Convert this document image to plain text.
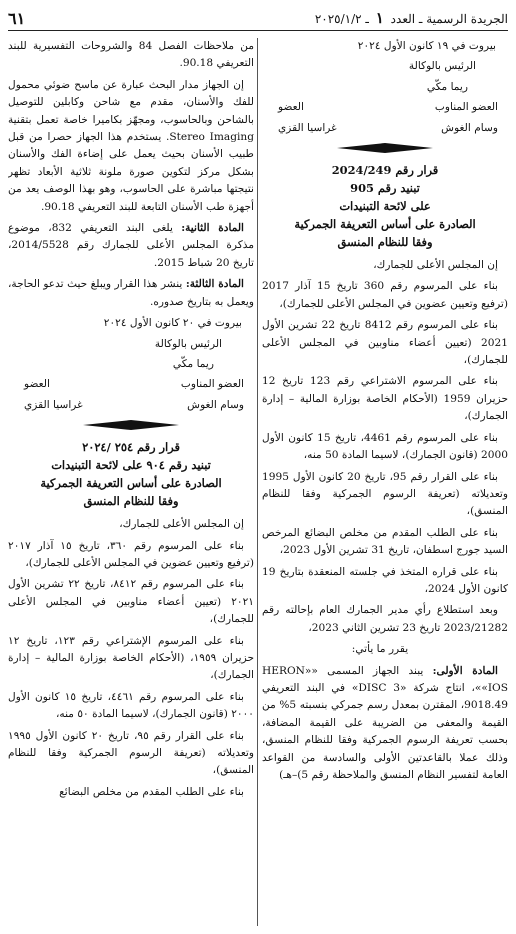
الجريدة الرسمية ـ العدد ١ ـ ٢٠٢٥/١/٢
٦١
بيروت في ١٩ كانون الأول ٢٠٢٤
الرئيس بالوكالة
ريما مكّي
العضو المناوب
العضو
وسام الغوش
غراسيا القزي
قرار رقم 2024/249
تبنيد رقم 905
على لائحة التبنيدات
الصادرة على أساس التعريفة الجمركية
وفقا للنظام المنسق

إن المجلس الأعلى للجمارك،

بناء على المرسوم رقم 360 تاريخ 15 آذار 2017 (ترفيع وتعيين عضوين في المجلس الأعلى للجمارك)،

بناء على المرسوم رقم 8412 تاريخ 22 تشرين الأول 2021 (تعيين أعضاء مناوبين في المجلس الأعلى للجمارك)،

بناء على المرسوم الاشتراعي رقم 123 تاريخ 12 حزيران 1959 (الأحكام الخاصة بوزارة المالية – إدارة الجمارك)،

بناء على المرسوم رقم 4461، تاريخ 15 كانون الأول 2000 (قانون الجمارك)، لاسيما المادة 50 منه،

بناء على القرار رقم 95، تاريخ 20 كانون الأول 1995 وتعديلاته (تعريفة الرسوم الجمركية وفقا للنظام المنسق)،

بناء على الطلب المقدم من مخلص البضائع المرخص السيد جورج اسطفان، تاريخ 31 تشرين الأول 2023،

بناء على قراره المتخذ في جلسته المنعقدة بتاريخ 19 كانون الأول 2024،

وبعد استطلاع رأي مدير الجمارك العام بإحالته رقم 2023/21282 تاريخ 23 تشرين الثاني 2023،

يقرر ما يأتي:

المادة الأولى: يبند الجهاز المسمى «HERON» «IOS»، انتاج شركة «DISC 3» في البند التعريفي 9018.49، المقترن بمعدل رسم جمركي بنسبته 5% من القيمة والمعفى من الضريبة على القيمة المضافة، بحسب تعريفة الرسوم الجمركية وفقا للنظام المنسق، وذلك عملا بالقاعدتين الأولى والسادسة من القواعد العامة لتفسير النظام المنسق والملاحظة رقم 5)–هـ)

من ملاحظات الفصل 84 والشروحات التفسيرية للبند التعريفي 90.18.

إن الجهاز مدار البحث عبارة عن ماسح ضوئي محمول للفك والأسنان، مقدم مع شاحن وكابلين للتوصيل بالشاحن وبالحاسوب، ومجهّز بكاميرا خاصة تعمل بتقنية Stereo Imaging. يستخدم هذا الجهاز حصرا من قبل طبيب الأسنان بحيث يعمل على إضاءة الفك والأسنان بشكل مركز لتكوين صورة ملونة ثلاثية الأبعاد تظهر نتيجتها مباشرة على الحاسوب، وهو بهذا الوصف يعد من أجهزة طب الأسنان التابعة للبند التعريفي 90.18.

المادة الثانية: يلغى البند التعريفي 832، موضوع مذكرة المجلس الأعلى للجمارك رقم 2014/5528، تاريخ 20 شباط 2015.

المادة الثالثة: ينشر هذا القرار ويبلغ حيث تدعو الحاجة، ويعمل به بتاريخ صدوره.

بيروت في ٢٠ كانون الأول ٢٠٢٤
الرئيس بالوكالة
ريما مكّي
العضو المناوب
العضو
وسام الغوش
غراسيا القزي
قرار رقم ٢٥٤ /٢٠٢٤
تبنيد رقم ٩٠٤ على لائحة التبنيدات
الصادرة على أساس التعريفة الجمركية
وفقا للنظام المنسق

إن المجلس الأعلى للجمارك،

بناء على المرسوم رقم ٣٦٠، تاريخ ١٥ آذار ٢٠١٧ (ترفيع وتعيين عضوين في المجلس الأعلى للجمارك)،

بناء على المرسوم رقم ٨٤١٢، تاريخ ٢٢ تشرين الأول ٢٠٢١ (تعيين أعضاء مناوبين في المجلس الأعلى للجمارك)،

بناء على المرسوم الإشتراعي رقم ١٢٣، تاريخ ١٢ حزيران ١٩٥٩، (الأحكام الخاصة بوزارة المالية – إدارة الجمارك)،

بناء على المرسوم رقم ٤٤٦١، تاريخ ١٥ كانون الأول ٢٠٠٠ (قانون الجمارك)، لاسيما المادة ٥٠ منه،

بناء على القرار رقم ٩٥، تاريخ ٢٠ كانون الأول ١٩٩٥ وتعديلاته (تعريفة الرسوم الجمركية وفقا للنظام المنسق)،

بناء على الطلب المقدم من مخلص البضائع
